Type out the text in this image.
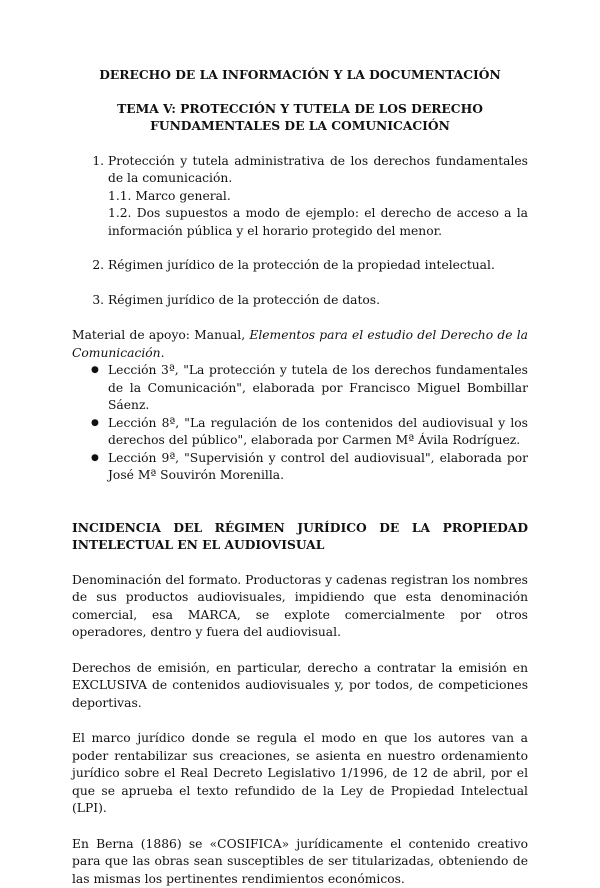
DERECHO DE LA INFORMACIÓN Y LA DOCUMENTACIÓN

TEMA V: PROTECCIÓN Y TUTELA DE LOS DERECHO FUNDAMENTALES DE LA COMUNICACIÓN

1. Protección y tutela administrativa de los derechos fundamentales de la comunicación.
1.1. Marco general.
1.2. Dos supuestos a modo de ejemplo: el derecho de acceso a la información pública y el horario protegido del menor.
2. Régimen jurídico de la protección de la propiedad intelectual.
3. Régimen jurídico de la protección de datos.
Material de apoyo: Manual, Elementos para el estudio del Derecho de la Comunicación.
● Lección 3ª, "La protección y tutela de los derechos fundamentales de la Comunicación", elaborada por Francisco Miguel Bombillar Sáenz.
● Lección 8ª, "La regulación de los contenidos del audiovisual y los derechos del público", elaborada por Carmen Mª Ávila Rodríguez.
● Lección 9ª, "Supervisión y control del audiovisual", elaborada por José Mª Souvirón Morenilla.
INCIDENCIA DEL RÉGIMEN JURÍDICO DE LA PROPIEDAD INTELECTUAL EN EL AUDIOVISUAL

Denominación del formato. Productoras y cadenas registran los nombres de sus productos audiovisuales, impidiendo que esta denominación comercial, esa MARCA, se explote comercialmente por otros operadores, dentro y fuera del audiovisual.

Derechos de emisión, en particular, derecho a contratar la emisión en EXCLUSIVA de contenidos audiovisuales y, por todos, de competiciones deportivas.

El marco jurídico donde se regula el modo en que los autores van a poder rentabilizar sus creaciones, se asienta en nuestro ordenamiento jurídico sobre el Real Decreto Legislativo 1/1996, de 12 de abril, por el que se aprueba el texto refundido de la Ley de Propiedad Intelectual (LPI).

En Berna (1886) se «COSIFICA» jurídicamente el contenido creativo para que las obras sean susceptibles de ser titularizadas, obteniendo de las mismas los pertinentes rendimientos económicos.
